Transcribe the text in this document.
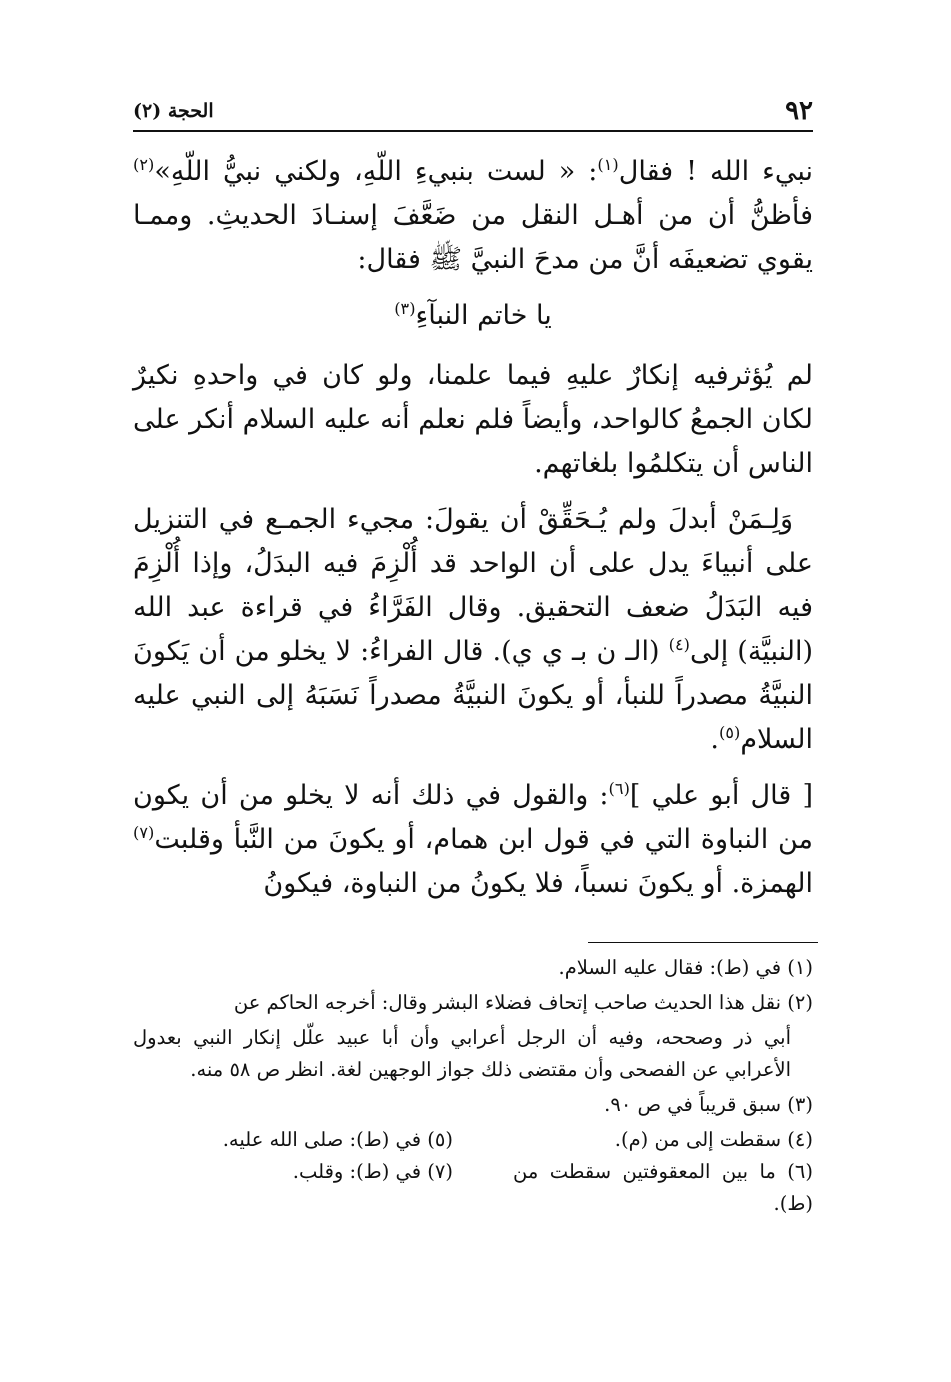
٩٢
الحجة (٢)

نبيء الله ! فقال$^{(١)}$: « لست بنبيءِ اللّهِ، ولكني نبيُّ اللّهِ»$^{(٢)}$ فأظنُّ أن من أهـل النقل من ضَعَّفَ إسنـادَ الحديثِ. وممـا يقوي تضعيفَه أنَّ من مدحَ النبيَّ ﷺ فقال:

يا خاتم النبآءِ$^{(٣)}$

لم يُؤثرفيه إنكارٌ عليهِ فيما علمنا، ولو كان في واحدهِ نكيرٌ لكان الجمعُ كالواحد، وأيضاً فلم نعلم أنه عليه السلام أنكر على الناس أن يتكلمُوا بلغاتهم.

وَلِـمَنْ أبدلَ ولم يُـحَقِّقْ أن يقولَ: مجيء الجمـع في التنزيل على أنبياءَ يدل على أن الواحد قد أُلْزِمَ فيه البدَلُ، وإذا أُلْزِمَ فيه البَدَلُ ضعف التحقيق. وقال الفَرَّاءُ في قراءة عبد الله (النبيَّة) إلى$^{(٤)}$ (الـ ن بـ ي ي). قال الفراءُ: لا يخلو من أن يَكونَ النبيَّةُ مصدراً للنبأ، أو يكونَ النبيَّةُ مصدراً نَسَبَهُ إلى النبي عليه السلام$^{(٥)}$.

[ قال أبو علي ]$^{(٦)}$: والقول في ذلك أنه لا يخلو من أن يكون من النباوة التي في قول ابن همام، أو يكونَ من النَّبأ وقلبت$^{(٧)}$ الهمزة. أو يكونَ نسباً، فلا يكونُ من النباوة، فيكونُ

(١) في (ط): فقال عليه السلام.

(٢) نقل هذا الحديث صاحب إتحاف فضلاء البشر وقال: أخرجه الحاكم عن

أبي ذر وصححه، وفيه أن الرجل أعرابي وأن أبا عبيد علّل إنكار النبي بعدول الأعرابي عن الفصحى وأن مقتضى ذلك جواز الوجهين لغة. انظر ص ٥٨ منه.

(٣) سبق قريباً في ص ٩٠.

(٤) سقطت إلى من (م).
(٥) في (ط): صلى الله عليه.
(٦) ما بين المعقوفتين سقطت من (ط).
(٧) في (ط): وقلب.
